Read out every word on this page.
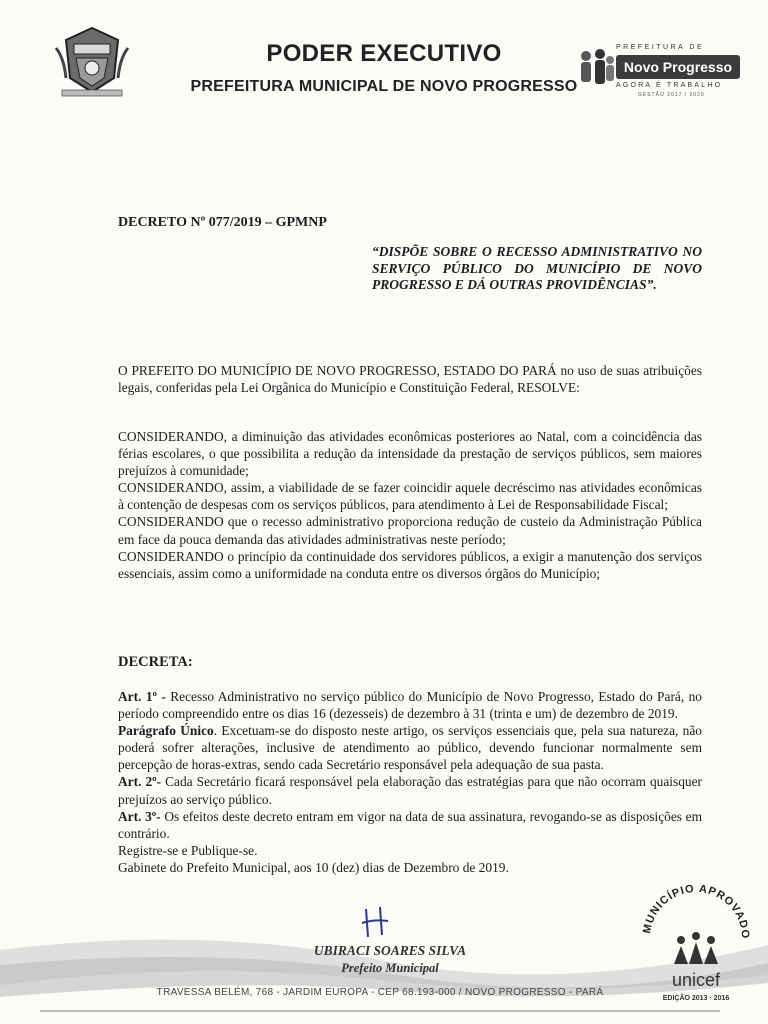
PODER EXECUTIVO
PREFEITURA MUNICIPAL DE NOVO PROGRESSO
PREFEITURA DE
Novo Progresso
AGORA É TRABALHO
GESTÃO 2017 / 2020
DECRETO Nº 077/2019 – GPMNP
“DISPÕE SOBRE O RECESSO ADMINISTRATIVO NO SERVIÇO PÚBLICO DO MUNICÍPIO DE NOVO PROGRESSO E DÁ OUTRAS PROVIDÊNCIAS”.
O PREFEITO DO MUNICÍPIO DE NOVO PROGRESSO, ESTADO DO PARÁ no uso de suas atribuições legais, conferidas pela Lei Orgânica do Município e Constituição Federal, RESOLVE:
CONSIDERANDO, a diminuição das atividades econômicas posteriores ao Natal, com a coincidência das férias escolares, o que possibilita a redução da intensidade da prestação de serviços públicos, sem maiores prejuízos à comunidade;
CONSIDERANDO, assim, a viabilidade de se fazer coincidir aquele decréscimo nas atividades econômicas à contenção de despesas com os serviços públicos, para atendimento à Lei de Responsabilidade Fiscal;
CONSIDERANDO que o recesso administrativo proporciona redução de custeio da Administração Pública em face da pouca demanda das atividades administrativas neste período;
CONSIDERANDO o princípio da continuidade dos servidores públicos, a exigir a manutenção dos serviços essenciais, assim como a uniformidade na conduta entre os diversos órgãos do Município;
DECRETA:
Art. 1º - Recesso Administrativo no serviço público do Município de Novo Progresso, Estado do Pará, no período compreendido entre os dias 16 (dezesseis) de dezembro à 31 (trinta e um) de dezembro de 2019.
Parágrafo Único. Excetuam-se do disposto neste artigo, os serviços essenciais que, pela sua natureza, não poderá sofrer alterações, inclusive de atendimento ao público, devendo funcionar normalmente sem percepção de horas-extras, sendo cada Secretário responsável pela adequação de sua pasta.
Art. 2º- Cada Secretário ficará responsável pela elaboração das estratégias para que não ocorram quaisquer prejuízos ao serviço público.
Art. 3º- Os efeitos deste decreto entram em vigor na data de sua assinatura, revogando-se as disposições em contrário.
Registre-se e Publique-se.
Gabinete do Prefeito Municipal, aos 10 (dez) dias de Dezembro de 2019.
UBIRACI SOARES SILVA
Prefeito Municipal
TRAVESSA BELÉM, 768 - JARDIM EUROPA - CEP 68.193-000 / NOVO PROGRESSO - PARÁ
MUNICÍPIO APROVADO
unicef
EDIÇÃO 2013 · 2016
